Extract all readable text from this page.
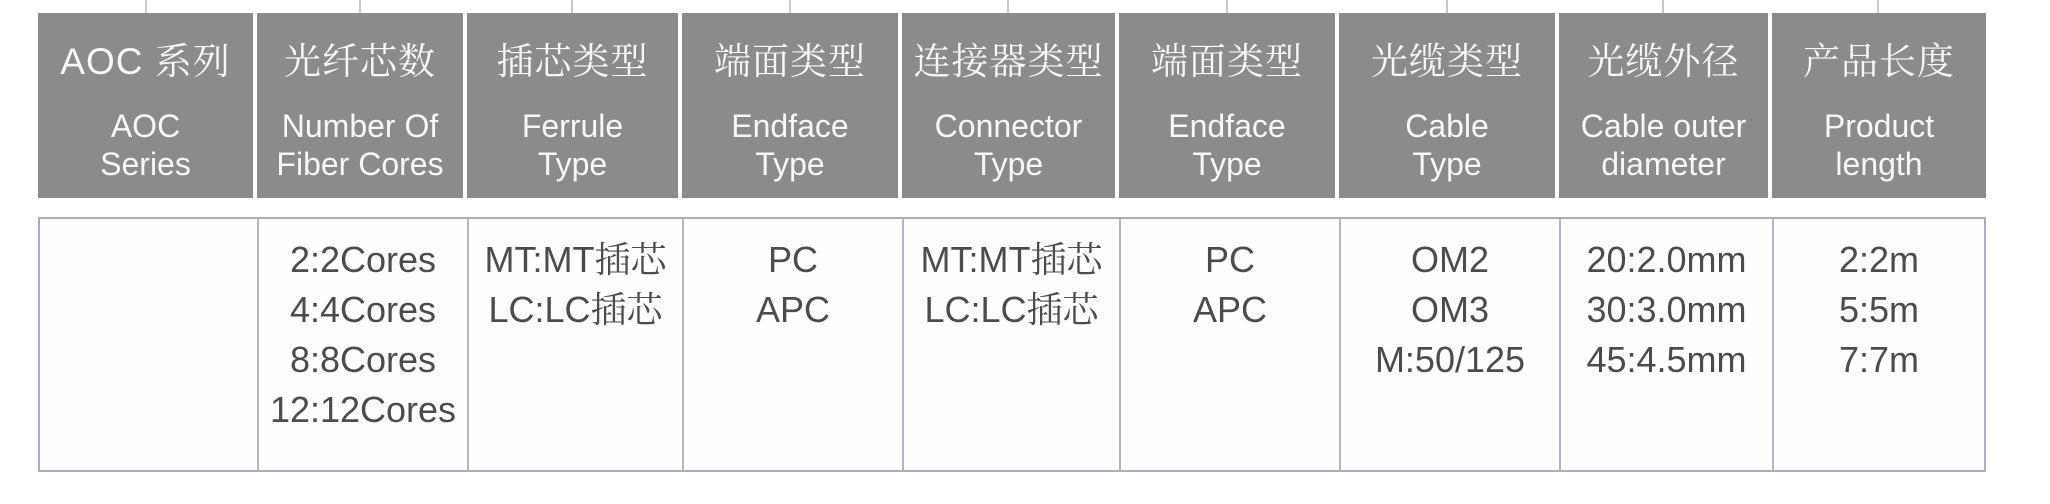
AOC 系列
AOC
Series
光纤芯数
Number Of
Fiber Cores
插芯类型
Ferrule
Type
端面类型
Endface
Type
连接器类型
Connector
Type
端面类型
Endface
Type
光缆类型
Cable
Type
光缆外径
Cable outer
diameter
产品长度
Product
length
2:2Cores
4:4Cores
8:8Cores
12:12Cores
MT:MT插芯
LC:LC插芯
PC
APC
MT:MT插芯
LC:LC插芯
PC
APC
OM2
OM3
M:50/125
20:2.0mm
30:3.0mm
45:4.5mm
2:2m
5:5m
7:7m
